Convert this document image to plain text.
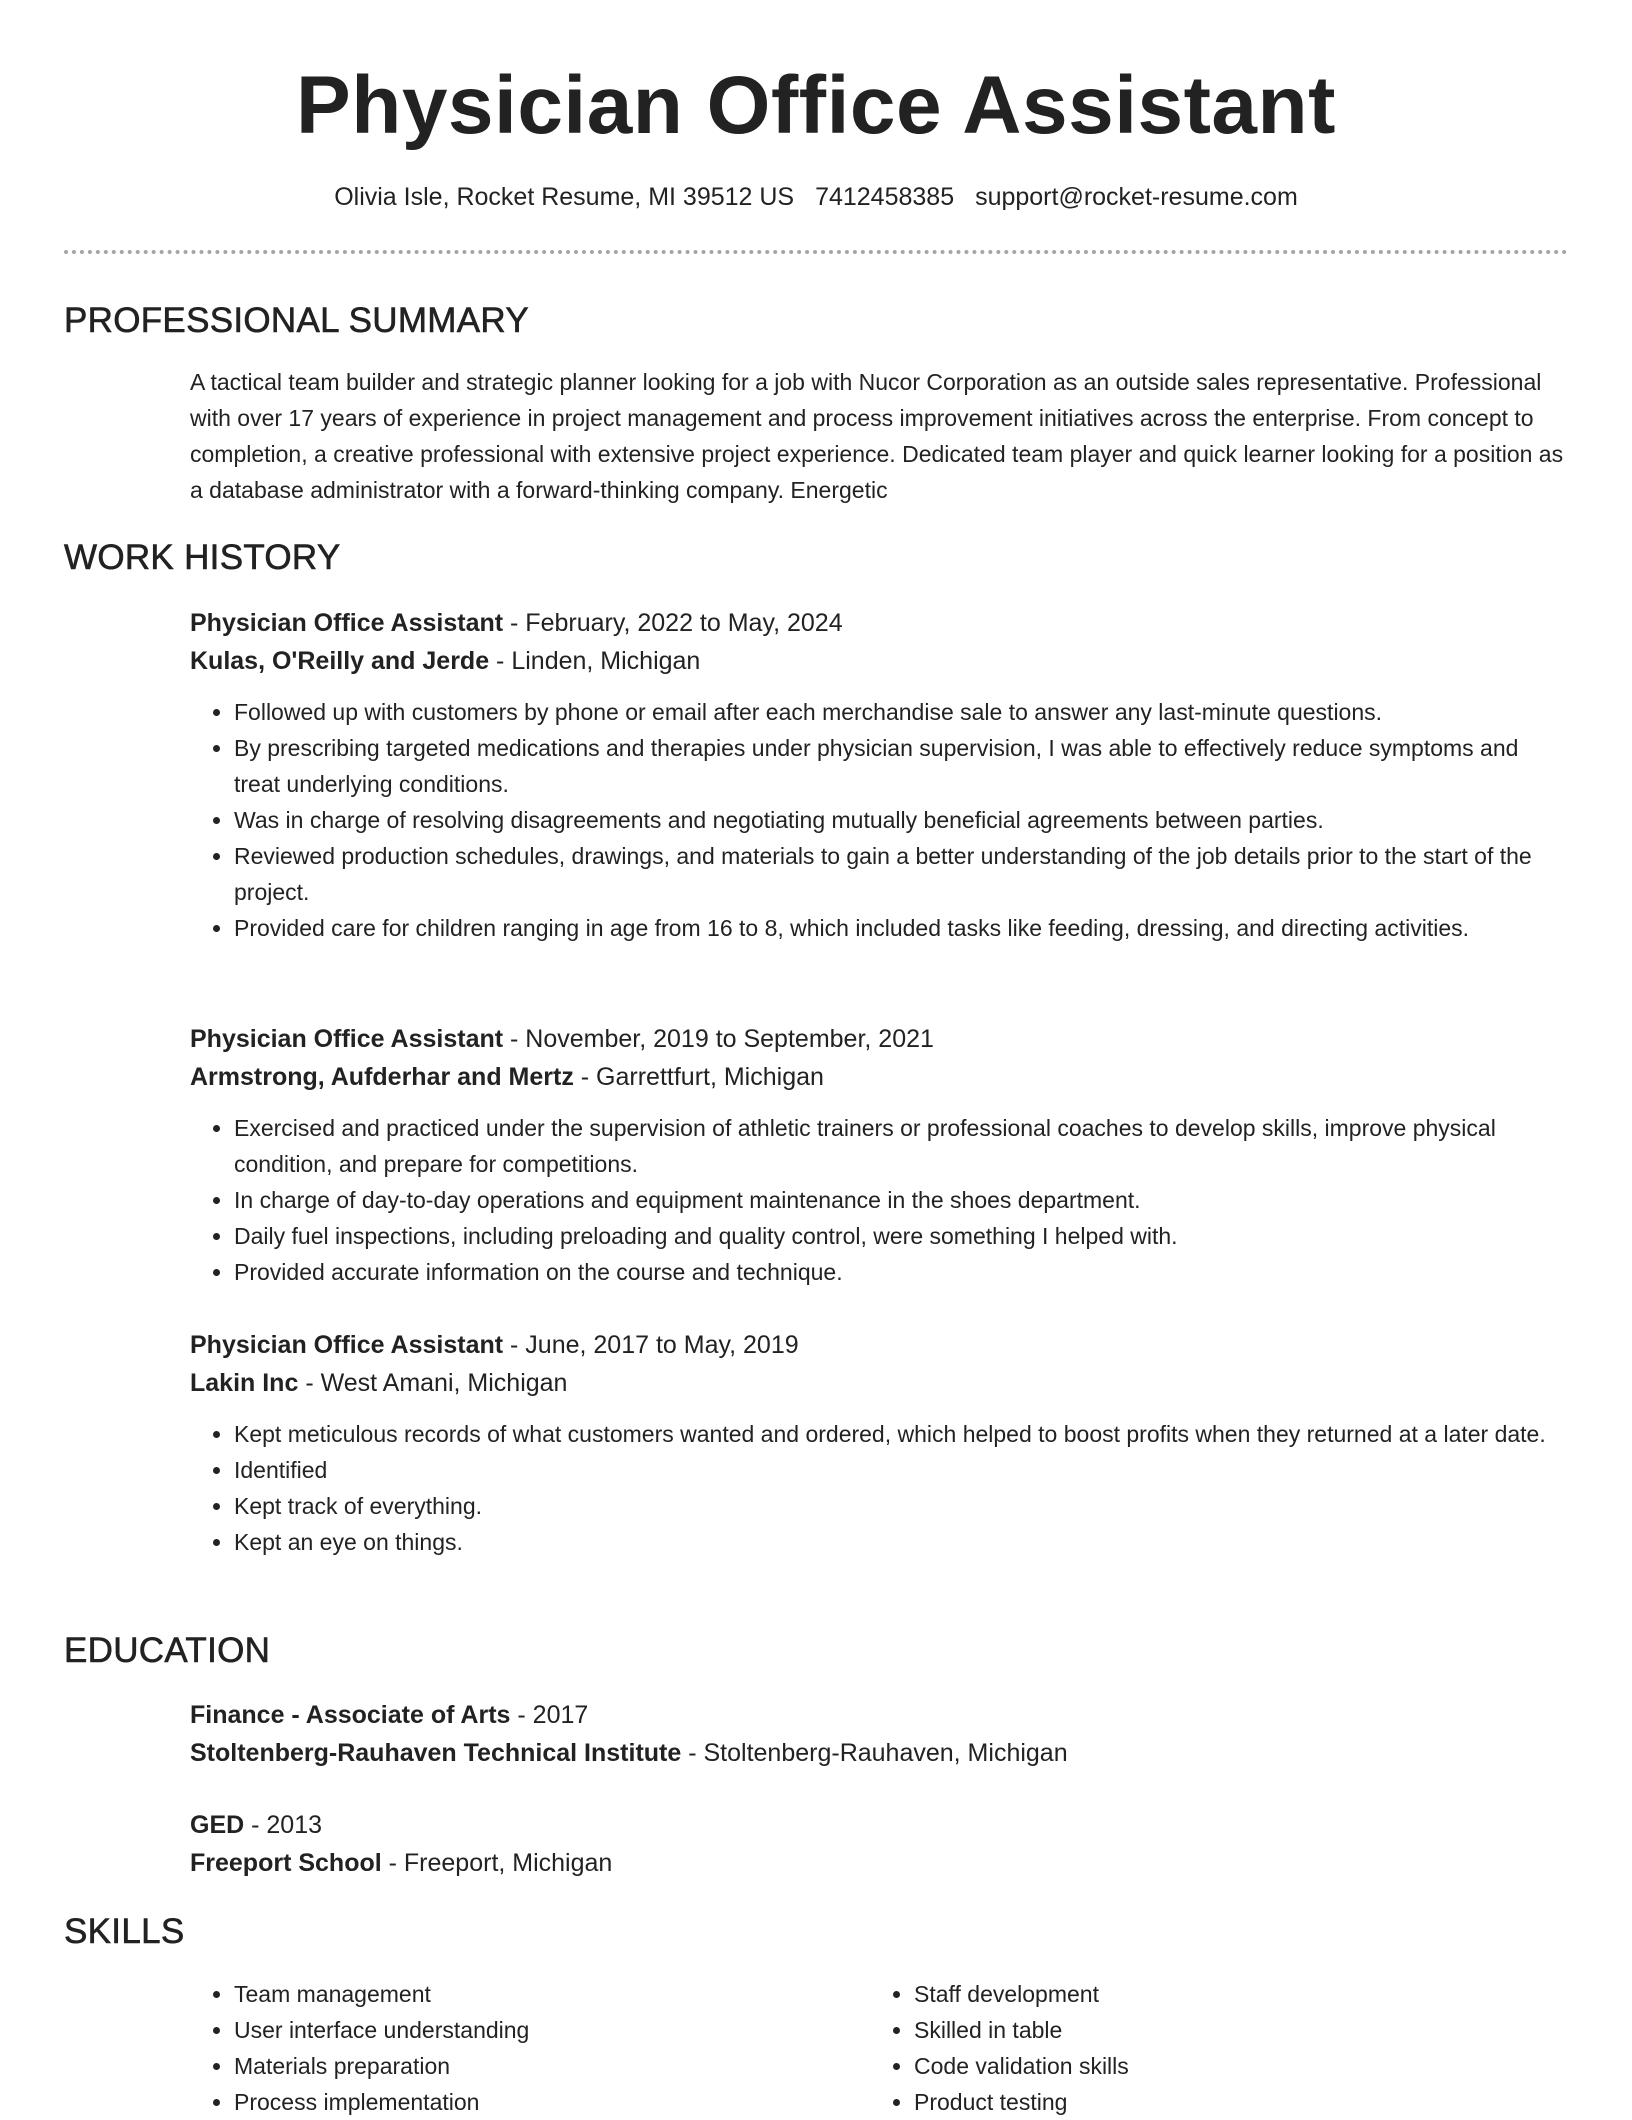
Physician Office Assistant
Olivia Isle, Rocket Resume, MI 39512 US 7412458385 support@rocket-resume.com
PROFESSIONAL SUMMARY
A tactical team builder and strategic planner looking for a job with Nucor Corporation as an outside sales representative. Professional with over 17 years of experience in project management and process improvement initiatives across the enterprise. From concept to completion, a creative professional with extensive project experience. Dedicated team player and quick learner looking for a position as a database administrator with a forward-thinking company. Energetic
WORK HISTORY
Physician Office Assistant - February, 2022 to May, 2024
Kulas, O'Reilly and Jerde - Linden, Michigan
• Followed up with customers by phone or email after each merchandise sale to answer any last-minute questions.
• By prescribing targeted medications and therapies under physician supervision, I was able to effectively reduce symptoms and treat underlying conditions.
• Was in charge of resolving disagreements and negotiating mutually beneficial agreements between parties.
• Reviewed production schedules, drawings, and materials to gain a better understanding of the job details prior to the start of the project.
• Provided care for children ranging in age from 16 to 8, which included tasks like feeding, dressing, and directing activities.
Physician Office Assistant - November, 2019 to September, 2021
Armstrong, Aufderhar and Mertz - Garrettfurt, Michigan
• Exercised and practiced under the supervision of athletic trainers or professional coaches to develop skills, improve physical condition, and prepare for competitions.
• In charge of day-to-day operations and equipment maintenance in the shoes department.
• Daily fuel inspections, including preloading and quality control, were something I helped with.
• Provided accurate information on the course and technique.
Physician Office Assistant - June, 2017 to May, 2019
Lakin Inc - West Amani, Michigan
• Kept meticulous records of what customers wanted and ordered, which helped to boost profits when they returned at a later date.
• Identified
• Kept track of everything.
• Kept an eye on things.
EDUCATION
Finance - Associate of Arts - 2017
Stoltenberg-Rauhaven Technical Institute - Stoltenberg-Rauhaven, Michigan
GED - 2013
Freeport School - Freeport, Michigan
SKILLS
• Team management
• User interface understanding
• Materials preparation
• Process implementation
• Staff development
• Skilled in table
• Code validation skills
• Product testing
